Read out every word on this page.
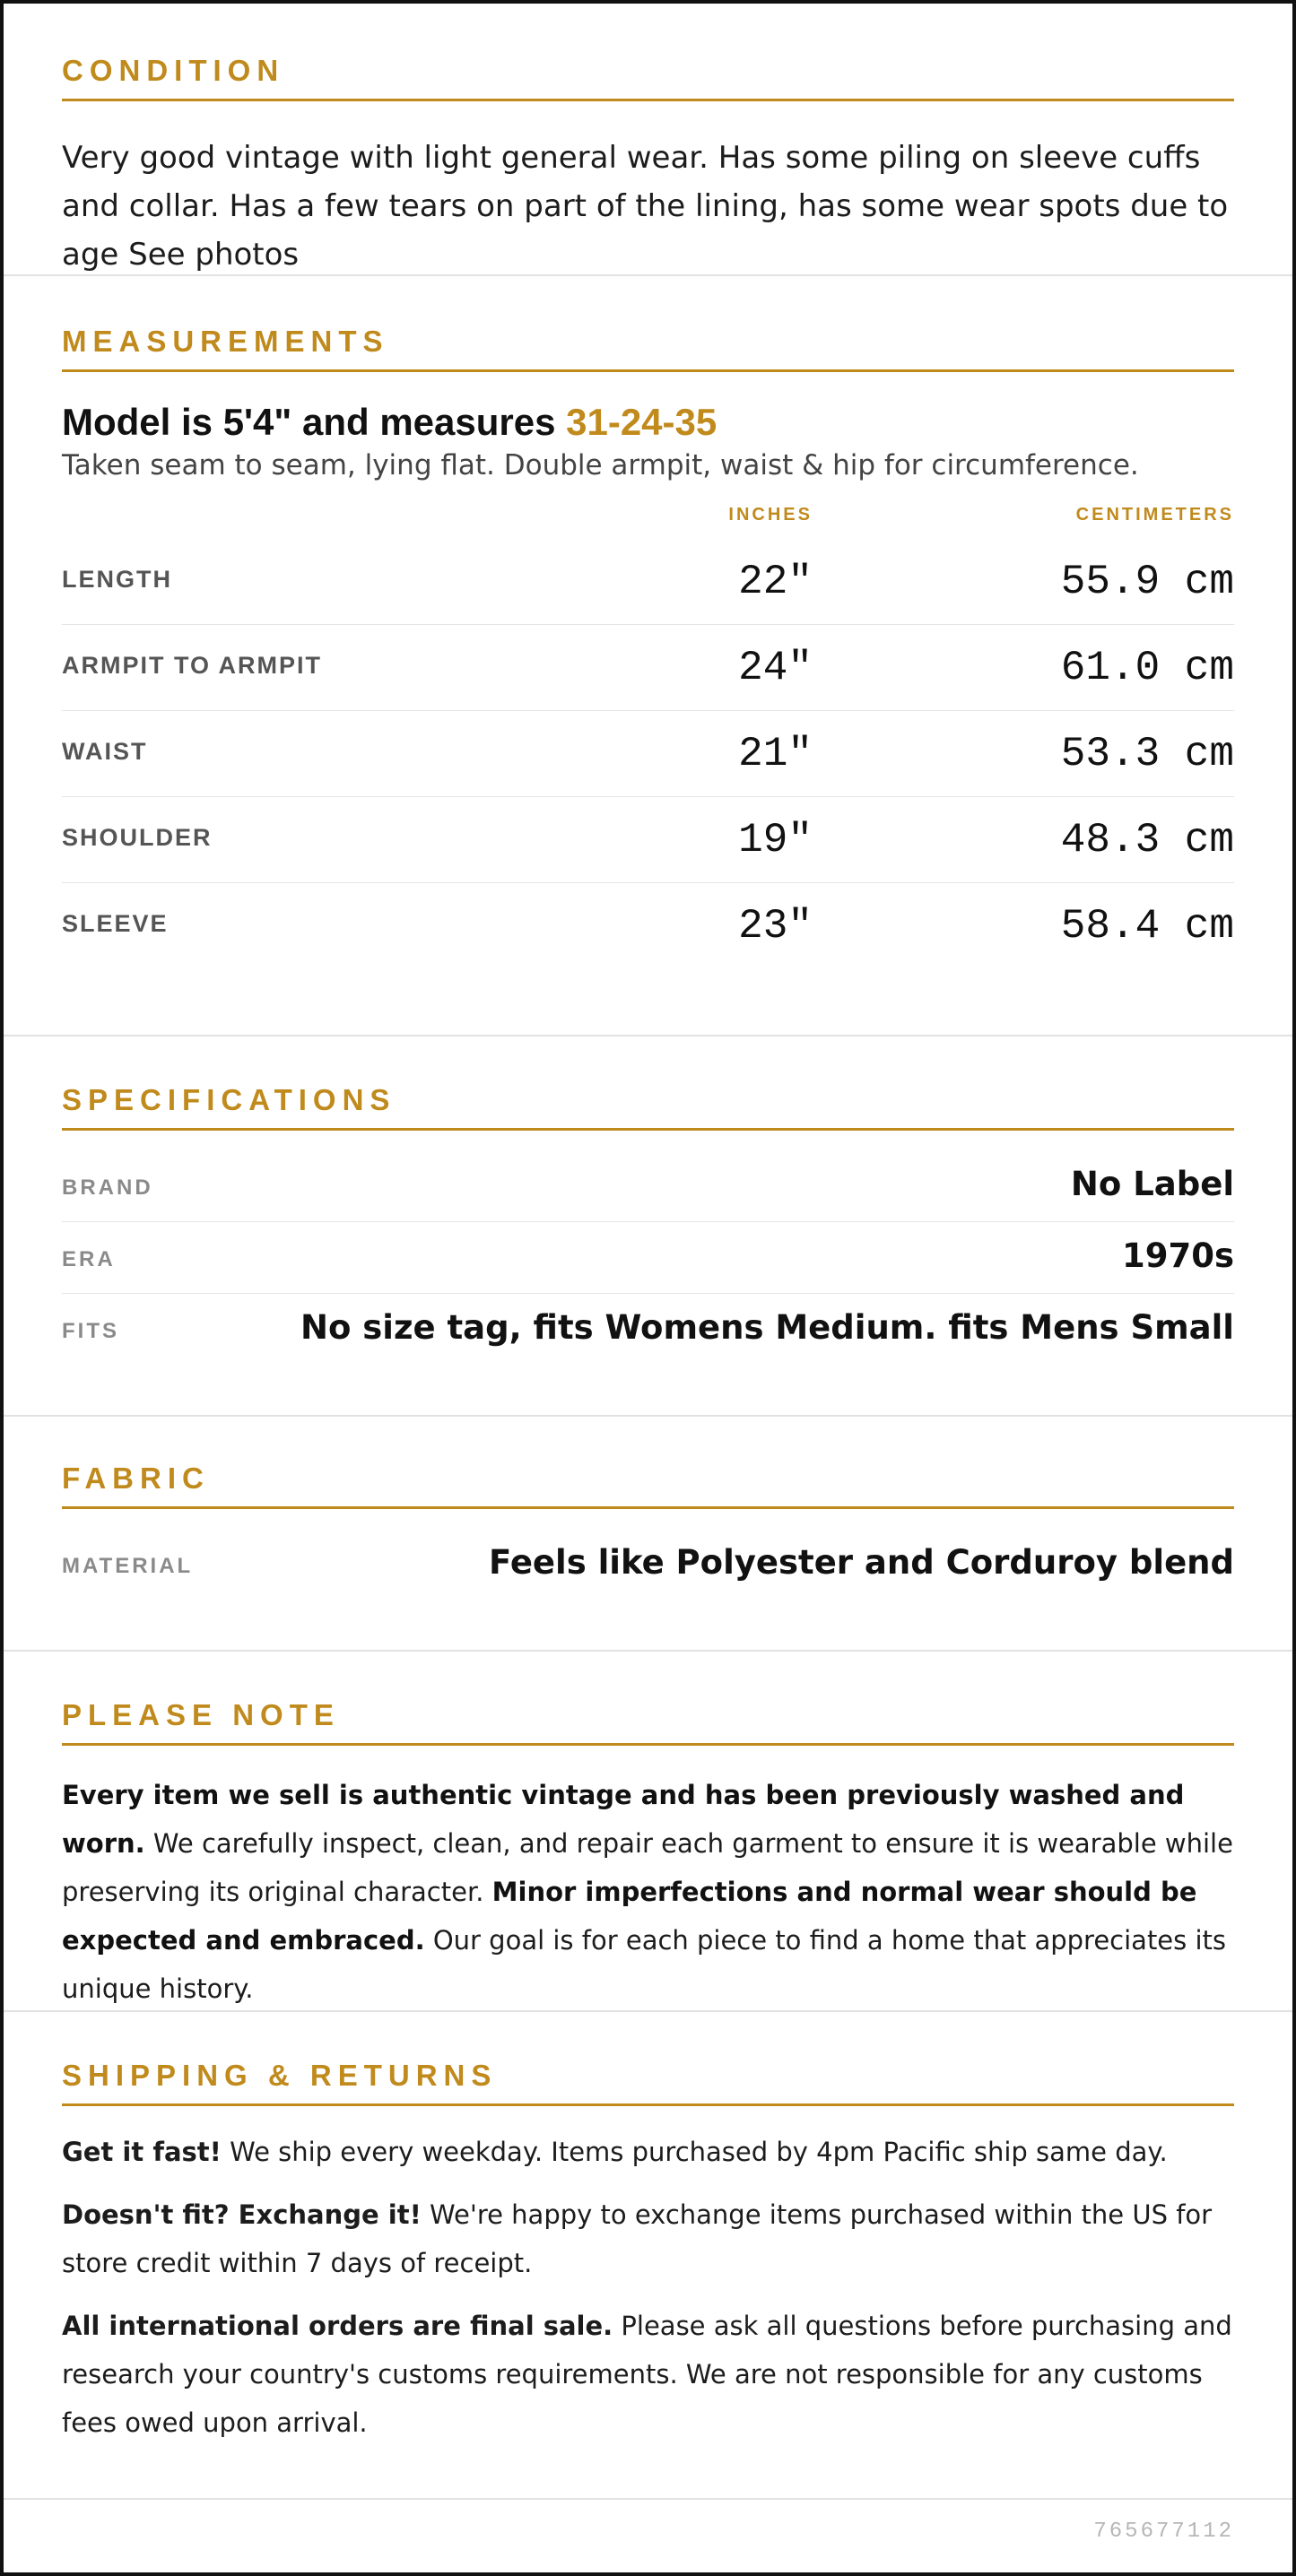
CONDITION
Very good vintage with light general wear. Has some piling on sleeve cuffs and collar. Has a few tears on part of the lining, has some wear spots due to age See photos
MEASUREMENTS
Model is 5'4" and measures 31-24-35
Taken seam to seam, lying flat. Double armpit, waist & hip for circumference.
INCHES	CENTIMETERS
LENGTH	22"	55.9 cm
ARMPIT TO ARMPIT	24"	61.0 cm
WAIST	21"	53.3 cm
SHOULDER	19"	48.3 cm
SLEEVE	23"	58.4 cm
SPECIFICATIONS
BRAND	No Label
ERA	1970s
FITS	No size tag, fits Womens Medium. fits Mens Small
FABRIC
MATERIAL	Feels like Polyester and Corduroy blend
PLEASE NOTE
Every item we sell is authentic vintage and has been previously washed and worn. We carefully inspect, clean, and repair each garment to ensure it is wearable while preserving its original character. Minor imperfections and normal wear should be expected and embraced. Our goal is for each piece to find a home that appreciates its unique history.
SHIPPING & RETURNS
Get it fast! We ship every weekday. Items purchased by 4pm Pacific ship same day.
Doesn't fit? Exchange it! We're happy to exchange items purchased within the US for store credit within 7 days of receipt.
All international orders are final sale. Please ask all questions before purchasing and research your country's customs requirements. We are not responsible for any customs fees owed upon arrival.
765677112
